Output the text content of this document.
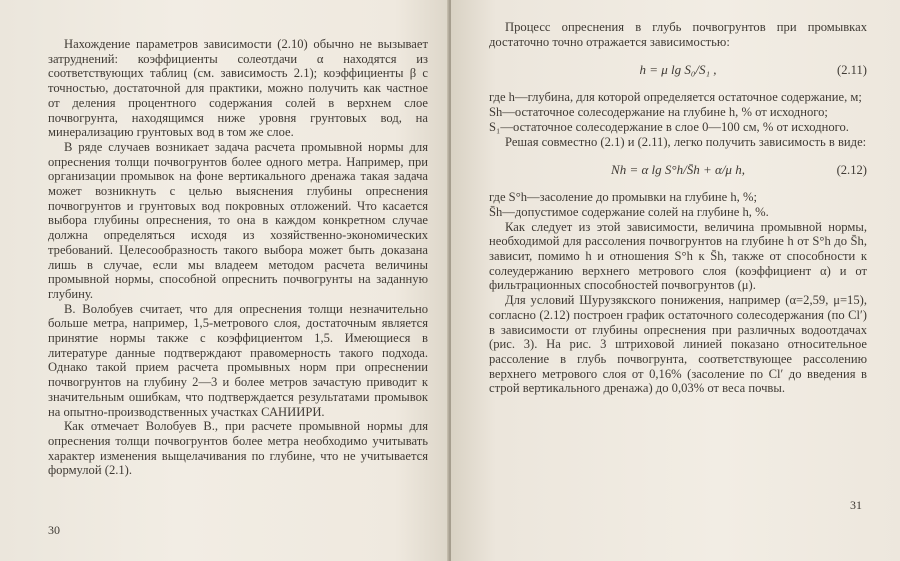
Нахождение параметров зависимости (2.10) обычно не вызывает затруднений: коэффициенты солеотдачи α находятся из соответствующих таблиц (см. зависимость 2.1); коэффициенты β с точностью, достаточной для практики, можно получить как частное от деления процентного содержания солей в верхнем слое почвогрунта, находящимся ниже уровня грунтовых вод, на минерализацию грунтовых вод в том же слое.

В ряде случаев возникает задача расчета промывной нормы для опреснения толщи почвогрунтов более одного метра. Например, при организации промывок на фоне вертикального дренажа такая задача может возникнуть с целью выяснения глубины опреснения почвогрунтов и грунтовых вод покровных отложений. Что касается выбора глубины опреснения, то она в каждом конкретном случае должна определяться исходя из хозяйственно-экономических требований. Целесообразность такого выбора может быть доказана лишь в случае, если мы владеем методом расчета величины промывной нормы, способной опреснить почвогрунты на заданную глубину.

В. Волобуев считает, что для опреснения толщи незначительно больше метра, например, 1,5-метрового слоя, достаточным является принятие нормы также с коэффициентом 1,5. Имеющиеся в литературе данные подтверждают правомерность такого подхода. Однако такой прием расчета промывных норм при опреснении почвогрунтов на глубину 2—3 и более метров зачастую приводит к значительным ошибкам, что подтверждается результатами промывок на опытно-производственных участках САНИИРИ.

Как отмечает Волобуев В., при расчете промывной нормы для опреснения толщи почвогрунтов более метра необходимо учитывать характер изменения выщелачивания по глубине, что не учитывается формулой (2.1).

30

Процесс опреснения в глубь почвогрунтов при промывках достаточно точно отражается зависимостью:

h = μ lg S₀/S₁ ,	(2.11)

где h—глубина, для которой определяется остаточное содержание, м;

Sh—остаточное солесодержание на глубине h, % от исходного;

S₁—остаточное солесодержание в слое 0—100 см, % от исходного.

Решая совместно (2.1) и (2.11), легко получить зависимость в виде:

Nh = α lg S°h/S̄h + α/μ h,	(2.12)

где S°h—засоление до промывки на глубине h, %;

S̄h—допустимое содержание солей на глубине h, %.

Как следует из этой зависимости, величина промывной нормы, необходимой для рассоления почвогрунтов на глубине h от S°h до S̄h, зависит, помимо h и отношения S°h к S̄h, также от способности к солеудержанию верхнего метрового слоя (коэффициент α) и от фильтрационных способностей почвогрунтов (μ).

Для условий Шурузякского понижения, например (α=2,59, μ=15), согласно (2.12) построен график остаточного солесодержания (по Cl′) в зависимости от глубины опреснения при различных водоотдачах (рис. 3). На рис. 3 штриховой линией показано относительное рассоление в глубь почвогрунта, соответствующее рассолению верхнего метрового слоя от 0,16% (засоление по Cl′ до введения в строй вертикального дренажа) до 0,03% от веса почвы.

31
